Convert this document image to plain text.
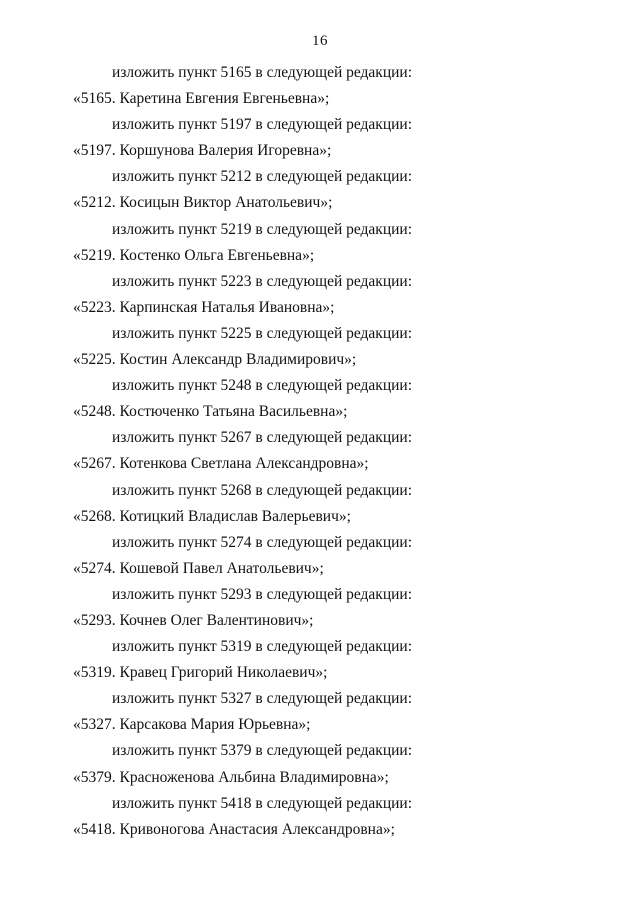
16
изложить пункт 5165 в следующей редакции:
«5165. Каретина Евгения Евгеньевна»;
изложить пункт 5197 в следующей редакции:
«5197. Коршунова Валерия Игоревна»;
изложить пункт 5212 в следующей редакции:
«5212. Косицын Виктор Анатольевич»;
изложить пункт 5219 в следующей редакции:
«5219. Костенко Ольга Евгеньевна»;
изложить пункт 5223 в следующей редакции:
«5223. Карпинская Наталья Ивановна»;
изложить пункт 5225 в следующей редакции:
«5225. Костин Александр Владимирович»;
изложить пункт 5248 в следующей редакции:
«5248. Костюченко Татьяна Васильевна»;
изложить пункт 5267 в следующей редакции:
«5267. Котенкова Светлана Александровна»;
изложить пункт 5268 в следующей редакции:
«5268. Котицкий Владислав Валерьевич»;
изложить пункт 5274 в следующей редакции:
«5274. Кошевой Павел Анатольевич»;
изложить пункт 5293 в следующей редакции:
«5293. Кочнев Олег Валентинович»;
изложить пункт 5319 в следующей редакции:
«5319. Кравец Григорий Николаевич»;
изложить пункт 5327 в следующей редакции:
«5327. Карсакова Мария Юрьевна»;
изложить пункт 5379 в следующей редакции:
«5379. Красноженова Альбина Владимировна»;
изложить пункт 5418 в следующей редакции:
«5418. Кривоногова Анастасия Александровна»;
